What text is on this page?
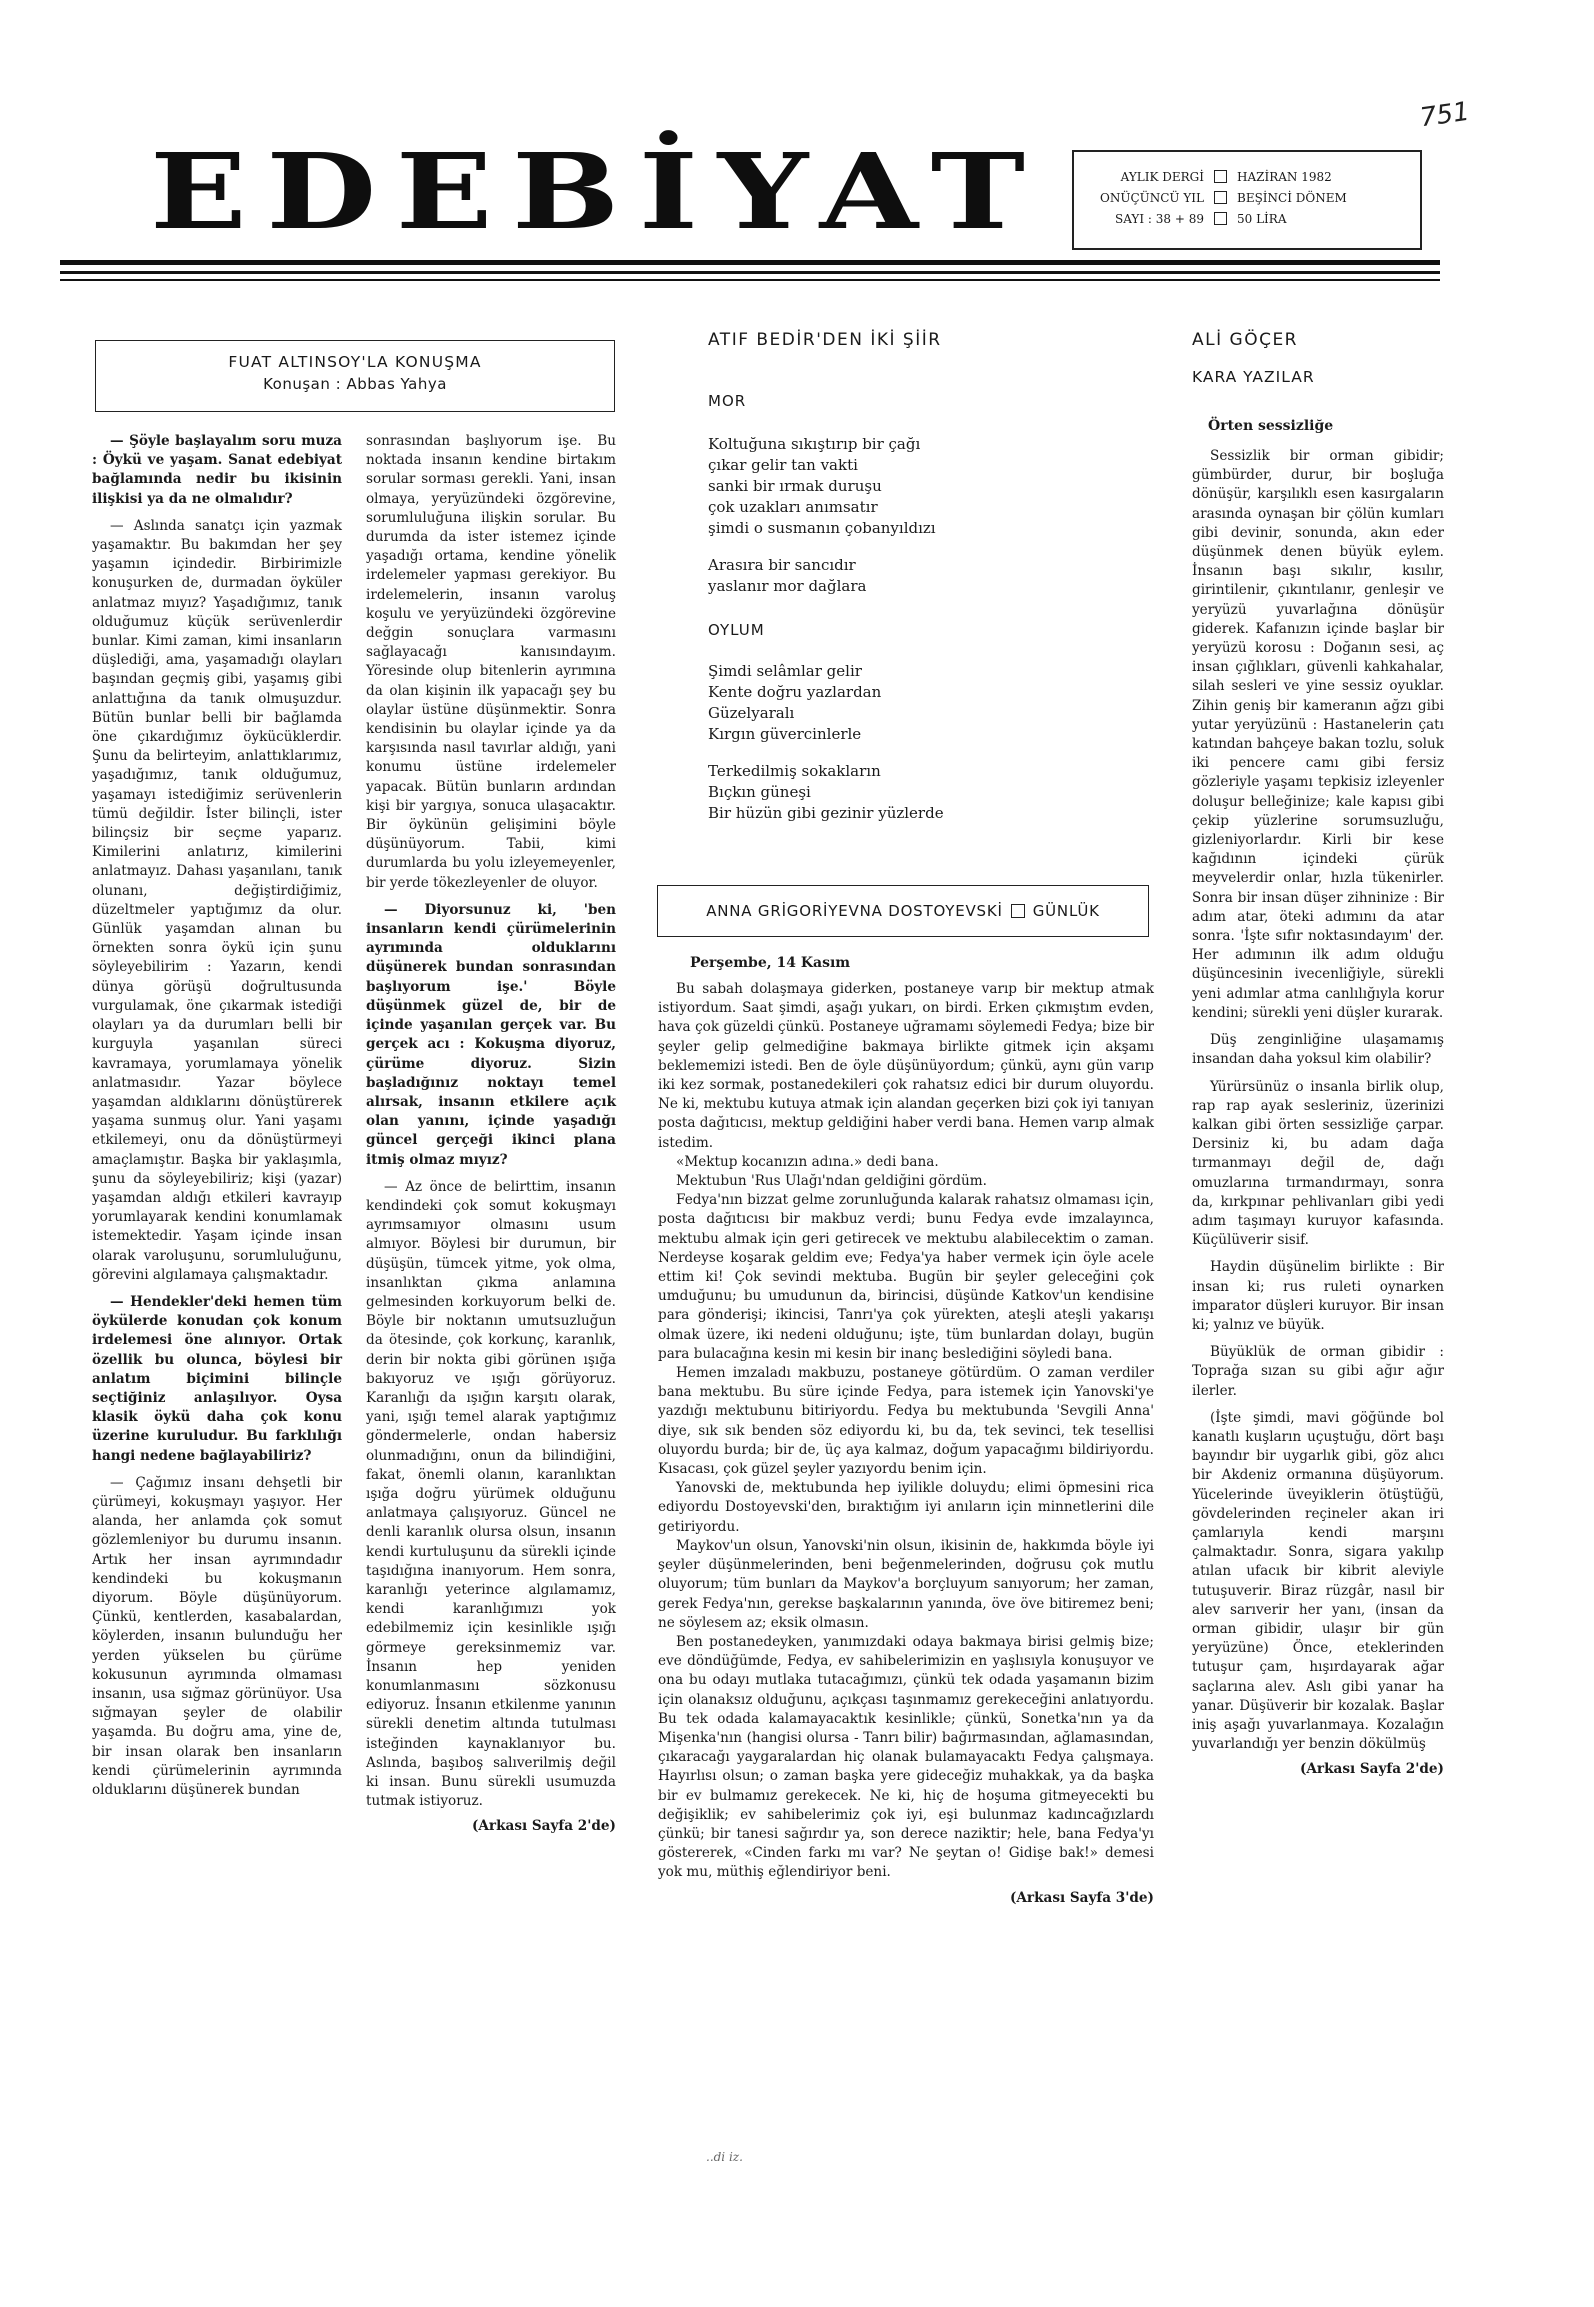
751
EDEBİYAT	AYLIK DERGİ	HAZİRAN 1982
ONÜÇÜNCÜ YIL	BEŞİNCİ DÖNEM
SAYI : 38 + 89	50 LİRA
FUAT ALTINSOY'LA KONUŞMA
Konuşan : Abbas Yahya

— Şöyle başlayalım soru muza : Öykü ve yaşam. Sanat edebiyat bağlamında nedir bu ikisinin ilişkisi ya da ne olmalıdır?

— Aslında sanatçı için yazmak yaşamaktır. Bu bakımdan her şey yaşamın içindedir. Birbirimizle konuşurken de, durmadan öyküler anlatmaz mıyız? Yaşadığımız, tanık olduğumuz küçük serüvenlerdir bunlar. Kimi zaman, kimi insanların düşlediği, ama, yaşamadığı olayları başından geçmiş gibi, yaşamış gibi anlattığına da tanık olmuşuzdur. Bütün bunlar belli bir bağlamda öne çıkardığımız öykücüklerdir. Şunu da belirteyim, anlattıklarımız, yaşadığımız, tanık olduğumuz, yaşamayı istediğimiz serüvenlerin tümü değildir. İster bilinçli, ister bilinçsiz bir seçme yaparız. Kimilerini anlatırız, kimilerini anlatmayız. Dahası yaşanılanı, tanık olunanı, değiştirdiğimiz, düzeltmeler yaptığımız da olur. Günlük yaşamdan alınan bu örnekten sonra öykü için şunu söyleyebilirim : Yazarın, kendi dünya görüşü doğrultusunda vurgulamak, öne çıkarmak istediği olayları ya da durumları belli bir kurguyla yaşanılan süreci kavramaya, yorumlamaya yönelik anlatmasıdır. Yazar böylece yaşamdan aldıklarını dönüştürerek yaşama sunmuş olur. Yani yaşamı etkilemeyi, onu da dönüştürmeyi amaçlamıştır. Başka bir yaklaşımla, şunu da söyleyebiliriz; kişi (yazar) yaşamdan aldığı etkileri kavrayıp yorumlayarak kendini konumlamak istemektedir. Yaşam içinde insan olarak varoluşunu, sorumluluğunu, görevini algılamaya çalışmaktadır.

— Hendekler'deki hemen tüm öykülerde konudan çok konum irdelemesi öne alınıyor. Ortak özellik bu olunca, böylesi bir anlatım biçimini bilinçle seçtiğiniz anlaşılıyor. Oysa klasik öykü daha çok konu üzerine kuruludur. Bu farklılığı hangi nedene bağlayabiliriz?

— Çağımız insanı dehşetli bir çürümeyi, kokuşmayı yaşıyor. Her alanda, her anlamda çok somut gözlemleniyor bu durumu insanın. Artık her insan ayrımındadır kendindeki bu kokuşmanın diyorum. Böyle düşünüyorum. Çünkü, kentlerden, kasabalardan, köylerden, insanın bulunduğu her yerden yükselen bu çürüme kokusunun ayrımında olmaması insanın, usa sığmaz görünüyor. Usa sığmayan şeyler de olabilir yaşamda. Bu doğru ama, yine de, bir insan olarak ben insanların kendi çürümelerinin ayrımında olduklarını düşünerek bundan

sonrasından başlıyorum işe. Bu noktada insanın kendine birtakım sorular sorması gerekli. Yani, insan olmaya, yeryüzündeki özgörevine, sorumluluğuna ilişkin sorular. Bu durumda da ister istemez içinde yaşadığı ortama, kendine yönelik irdelemeler yapması gerekiyor. Bu irdelemelerin, insanın varoluş koşulu ve yeryüzündeki özgörevine değgin sonuçlara varmasını sağlayacağı kanısındayım. Yöresinde olup bitenlerin ayrımına da olan kişinin ilk yapacağı şey bu olaylar üstüne düşünmektir. Sonra kendisinin bu olaylar içinde ya da karşısında nasıl tavırlar aldığı, yani konumu üstüne irdelemeler yapacak. Bütün bunların ardından kişi bir yargıya, sonuca ulaşacaktır. Bir öykünün gelişimini böyle düşünüyorum. Tabii, kimi durumlarda bu yolu izleyemeyenler, bir yerde tökezleyenler de oluyor.

— Diyorsunuz ki, 'ben insanların kendi çürümelerinin ayrımında olduklarını düşünerek bundan sonrasından başlıyorum işe.' Böyle düşünmek güzel de, bir de içinde yaşanılan gerçek var. Bu gerçek acı : Kokuşma diyoruz, çürüme diyoruz. Sizin başladığınız noktayı temel alırsak, insanın etkilere açık olan yanını, içinde yaşadığı güncel gerçeği ikinci plana itmiş olmaz mıyız?

— Az önce de belirttim, insanın kendindeki çok somut kokuşmayı ayrımsamıyor olmasını usum almıyor. Böylesi bir durumun, bir düşüşün, tümcek yitme, yok olma, insanlıktan çıkma anlamına gelmesinden korkuyorum belki de. Böyle bir noktanın umutsuzluğun da ötesinde, çok korkunç, karanlık, derin bir nokta gibi görünen ışığa bakıyoruz ve ışığı görüyoruz. Karanlığı da ışığın karşıtı olarak, yani, ışığı temel alarak yaptığımız göndermelerle, ondan habersiz olunmadığını, onun da bilindiğini, fakat, önemli olanın, karanlıktan ışığa doğru yürümek olduğunu anlatmaya çalışıyoruz. Güncel ne denli karanlık olursa olsun, insanın kendi kurtuluşunu da sürekli içinde taşıdığına inanıyorum. Hem sonra, karanlığı yeterince algılamamız, kendi karanlığımızı yok edebilmemiz için kesinlikle ışığı görmeye gereksinmemiz var. İnsanın hep yeniden konumlanmasını sözkonusu ediyoruz. İnsanın etkilenme yanının sürekli denetim altında tutulması isteğinden kaynaklanıyor bu. Aslında, başıboş salıverilmiş değil ki insan. Bunu sürekli usumuzda tutmak istiyoruz.

(Arkası Sayfa 2'de)
ATIF BEDİR'DEN İKİ ŞİİR
MOR
Koltuğuna sıkıştırıp bir çağı
çıkar gelir tan vakti
sanki bir ırmak duruşu
çok uzakları anımsatır
şimdi o susmanın çobanyıldızı
Arasıra bir sancıdır
yaslanır mor dağlara
OYLUM
Şimdi selâmlar gelir
Kente doğru yazlardan
Güzelyaralı
Kırgın güvercinlerle
Terkedilmiş sokakların
Bıçkın güneşi
Bir hüzün gibi gezinir yüzlerde
ANNA GRİGORİYEVNA DOSTOYEVSKİ GÜNLÜK
Perşembe, 14 Kasım

Bu sabah dolaşmaya giderken, postaneye varıp bir mektup atmak istiyordum. Saat şimdi, aşağı yukarı, on birdi. Erken çıkmıştım evden, hava çok güzeldi çünkü. Postaneye uğramamı söylemedi Fedya; bize bir şeyler gelip gelmediğine bakmaya birlikte gitmek için akşamı beklememizi istedi. Ben de öyle düşünüyordum; çünkü, aynı gün varıp iki kez sormak, postanedekileri çok rahatsız edici bir durum oluyordu. Ne ki, mektubu kutuya atmak için alandan geçerken bizi çok iyi tanıyan posta dağıtıcısı, mektup geldiğini haber verdi bana. Hemen varıp almak istedim.

«Mektup kocanızın adına.» dedi bana.

Mektubun 'Rus Ulağı'ndan geldiğini gördüm.

Fedya'nın bizzat gelme zorunluğunda kalarak rahatsız olmaması için, posta dağıtıcısı bir makbuz verdi; bunu Fedya evde imzalayınca, mektubu almak için geri getirecek ve mektubu alabilecektim o zaman. Nerdeyse koşarak geldim eve; Fedya'ya haber vermek için öyle acele ettim ki! Çok sevindi mektuba. Bugün bir şeyler geleceğini çok umduğunu; bu umudunun da, birincisi, düşünde Katkov'un kendisine para gönderişi; ikincisi, Tanrı'ya çok yürekten, ateşli ateşli yakarışı olmak üzere, iki nedeni olduğunu; işte, tüm bunlardan dolayı, bugün para bulacağına kesin mi kesin bir inanç beslediğini söyledi bana.

Hemen imzaladı makbuzu, postaneye götürdüm. O zaman verdiler bana mektubu. Bu süre içinde Fedya, para istemek için Yanovski'ye yazdığı mektubunu bitiriyordu. Fedya bu mektubunda 'Sevgili Anna' diye, sık sık benden söz ediyordu ki, bu da, tek sevinci, tek tesellisi oluyordu burda; bir de, üç aya kalmaz, doğum yapacağımı bildiriyordu. Kısacası, çok güzel şeyler yazıyordu benim için.

Yanovski de, mektubunda hep iyilikle doluydu; elimi öpmesini rica ediyordu Dostoyevski'den, bıraktığım iyi anıların için minnetlerini dile getiriyordu.

Maykov'un olsun, Yanovski'nin olsun, ikisinin de, hakkımda böyle iyi şeyler düşünmelerinden, beni beğenmelerinden, doğrusu çok mutlu oluyorum; tüm bunları da Maykov'a borçluyum sanıyorum; her zaman, gerek Fedya'nın, gerekse başkalarının yanında, öve öve bitiremez beni; ne söylesem az; eksik olmasın.

Ben postanedeyken, yanımızdaki odaya bakmaya birisi gelmiş bize; eve döndüğümde, Fedya, ev sahibelerimizin en yaşlısıyla konuşuyor ve ona bu odayı mutlaka tutacağımızı, çünkü tek odada yaşamanın bizim için olanaksız olduğunu, açıkçası taşınmamız gerekeceğini anlatıyordu. Bu tek odada kalamayacaktık kesinlikle; çünkü, Sonetka'nın ya da Mişenka'nın (hangisi olursa - Tanrı bilir) bağırmasından, ağlamasından, çıkaracağı yaygaralardan hiç olanak bulamayacaktı Fedya çalışmaya. Hayırlısı olsun; o zaman başka yere gideceğiz muhakkak, ya da başka bir ev bulmamız gerekecek. Ne ki, hiç de hoşuma gitmeyecekti bu değişiklik; ev sahibelerimiz çok iyi, eşi bulunmaz kadıncağızlardı çünkü; bir tanesi sağırdır ya, son derece naziktir; hele, bana Fedya'yı göstererek, «Cinden farkı mı var? Ne şeytan o! Gidişe bak!» demesi yok mu, müthiş eğlendiriyor beni.

(Arkası Sayfa 3'de)
..di iz.
ALİ GÖÇER
KARA YAZILAR
Örten sessizliğe

Sessizlik bir orman gibidir; gümbürder, durur, bir boşluğa dönüşür, karşılıklı esen kasırgaların arasında oynaşan bir çölün kumları gibi devinir, sonunda, akın eder düşünmek denen büyük eylem. İnsanın başı sıkılır, kısılır, girintilenir, çıkıntılanır, genleşir ve yeryüzü yuvarlağına dönüşür giderek. Kafanızın içinde başlar bir yeryüzü korosu : Doğanın sesi, aç insan çığlıkları, güvenli kahkahalar, silah sesleri ve yine sessiz oyuklar. Zihin geniş bir kameranın ağzı gibi yutar yeryüzünü : Hastanelerin çatı katından bahçeye bakan tozlu, soluk iki pencere camı gibi fersiz gözleriyle yaşamı tepkisiz izleyenler doluşur belleğinize; kale kapısı gibi çekip yüzlerine sorumsuzluğu, gizleniyorlardır. Kirli bir kese kağıdının içindeki çürük meyvelerdir onlar, hızla tükenirler. Sonra bir insan düşer zihninize : Bir adım atar, öteki adımını da atar sonra. 'İşte sıfır noktasındayım' der. Her adımının ilk adım olduğu düşüncesinin ivecenliğiyle, sürekli yeni adımlar atma canlılığıyla korur kendini; sürekli yeni düşler kurarak.

Düş zenginliğine ulaşamamış insandan daha yoksul kim olabilir?

Yürürsünüz o insanla birlik olup, rap rap ayak sesleriniz, üzerinizi kalkan gibi örten sessizliğe çarpar. Dersiniz ki, bu adam dağa tırmanmayı değil de, dağı omuzlarına tırmandırmayı, sonra da, kırkpınar pehlivanları gibi yedi adım taşımayı kuruyor kafasında. Küçülüverir sisif.

Haydin düşünelim birlikte : Bir insan ki; rus ruleti oynarken imparator düşleri kuruyor. Bir insan ki; yalnız ve büyük.

Büyüklük de orman gibidir : Toprağa sızan su gibi ağır ağır ilerler.

(İşte şimdi, mavi göğünde bol kanatlı kuşların uçuştuğu, dört başı bayındır bir uygarlık gibi, göz alıcı bir Akdeniz ormanına düşüyorum. Yücelerinde üveyiklerin ötüştüğü, gövdelerinden reçineler akan iri çamlarıyla kendi marşını çalmaktadır. Sonra, sigara yakılıp atılan ufacık bir kibrit aleviyle tutuşuverir. Biraz rüzgâr, nasıl bir alev sarıverir her yanı, (insan da orman gibidir, ulaşır bir gün yeryüzüne) Önce, eteklerinden tutuşur çam, hışırdayarak ağar saçlarına alev. Aslı gibi yanar ha yanar. Düşüverir bir kozalak. Başlar iniş aşağı yuvarlanmaya. Kozalağın yuvarlandığı yer benzin dökülmüş

(Arkası Sayfa 2'de)
